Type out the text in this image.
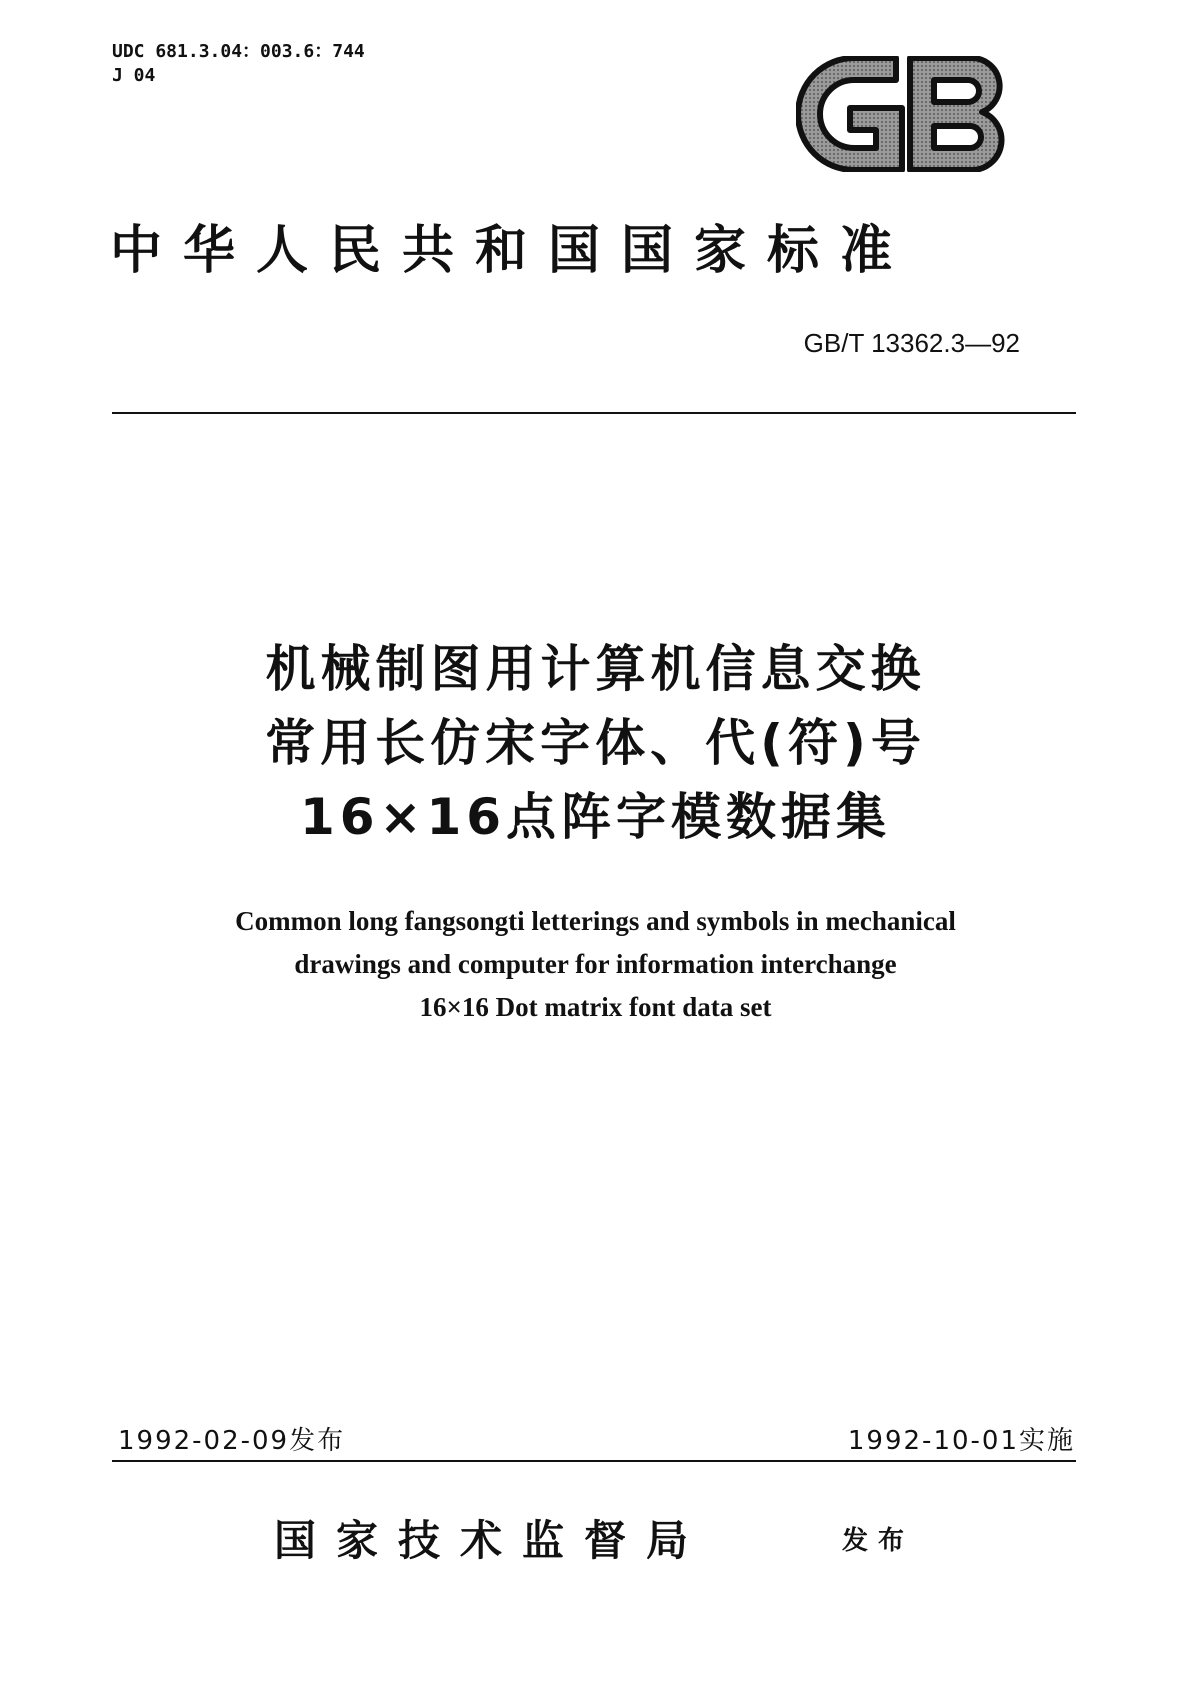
UDC 681.3.04：003.6：744
J 04
中华人民共和国国家标准
GB/T 13362.3—92
机械制图用计算机信息交换
常用长仿宋字体、代(符)号
16×16点阵字模数据集
Common long fangsongti letterings and symbols in mechanical
drawings and computer for information interchange
16×16 Dot matrix font data set
1992-02-09发布	1992-10-01实施
国家技术监督局	发布
